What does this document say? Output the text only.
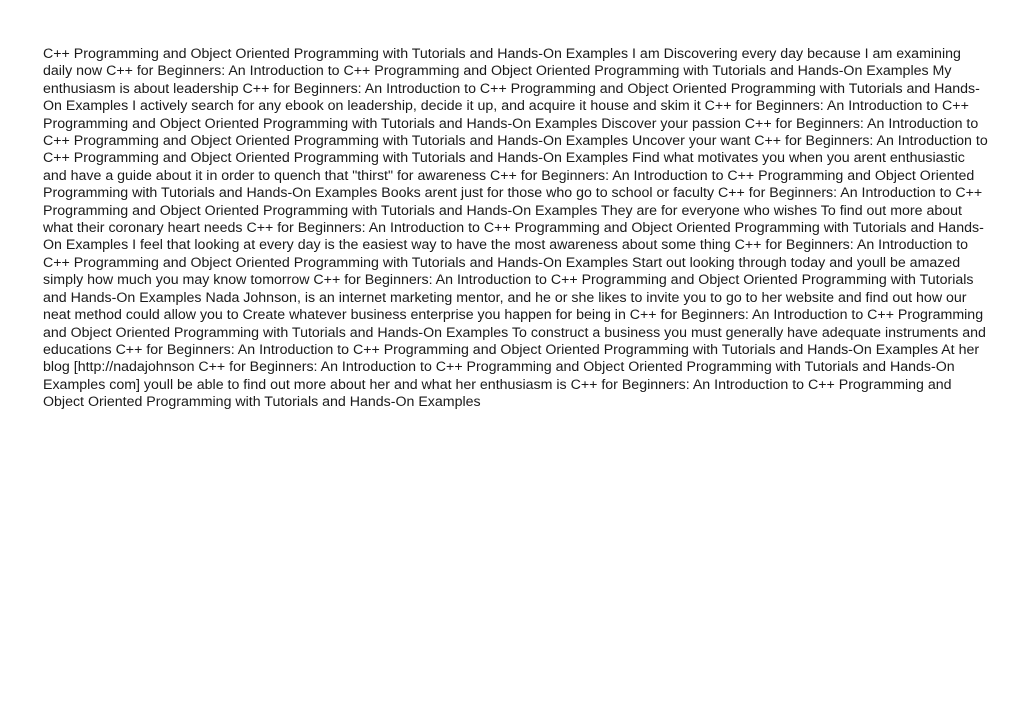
C++ Programming and Object Oriented Programming with Tutorials and Hands-On Examples I am Discovering every day because I am examining daily now C++ for Beginners: An Introduction to C++ Programming and Object Oriented Programming with Tutorials and Hands-On Examples My enthusiasm is about leadership C++ for Beginners: An Introduction to C++ Programming and Object Oriented Programming with Tutorials and Hands-On Examples I actively search for any ebook on leadership, decide it up, and acquire it house and skim it C++ for Beginners: An Introduction to C++ Programming and Object Oriented Programming with Tutorials and Hands-On Examples Discover your passion C++ for Beginners: An Introduction to C++ Programming and Object Oriented Programming with Tutorials and Hands-On Examples Uncover your want C++ for Beginners: An Introduction to C++ Programming and Object Oriented Programming with Tutorials and Hands-On Examples Find what motivates you when you arent enthusiastic and have a guide about it in order to quench that "thirst" for awareness C++ for Beginners: An Introduction to C++ Programming and Object Oriented Programming with Tutorials and Hands-On Examples Books arent just for those who go to school or faculty C++ for Beginners: An Introduction to C++ Programming and Object Oriented Programming with Tutorials and Hands-On Examples They are for everyone who wishes To find out more about what their coronary heart needs C++ for Beginners: An Introduction to C++ Programming and Object Oriented Programming with Tutorials and Hands-On Examples I feel that looking at every day is the easiest way to have the most awareness about some thing C++ for Beginners: An Introduction to C++ Programming and Object Oriented Programming with Tutorials and Hands-On Examples Start out looking through today and youll be amazed simply how much you may know tomorrow C++ for Beginners: An Introduction to C++ Programming and Object Oriented Programming with Tutorials and Hands-On Examples Nada Johnson, is an internet marketing mentor, and he or she likes to invite you to go to her website and find out how our neat method could allow you to Create whatever business enterprise you happen for being in C++ for Beginners: An Introduction to C++ Programming and Object Oriented Programming with Tutorials and Hands-On Examples To construct a business you must generally have adequate instruments and educations C++ for Beginners: An Introduction to C++ Programming and Object Oriented Programming with Tutorials and Hands-On Examples At her blog [http://nadajohnson C++ for Beginners: An Introduction to C++ Programming and Object Oriented Programming with Tutorials and Hands-On Examples com] youll be able to find out more about her and what her enthusiasm is C++ for Beginners: An Introduction to C++ Programming and Object Oriented Programming with Tutorials and Hands-On Examples
